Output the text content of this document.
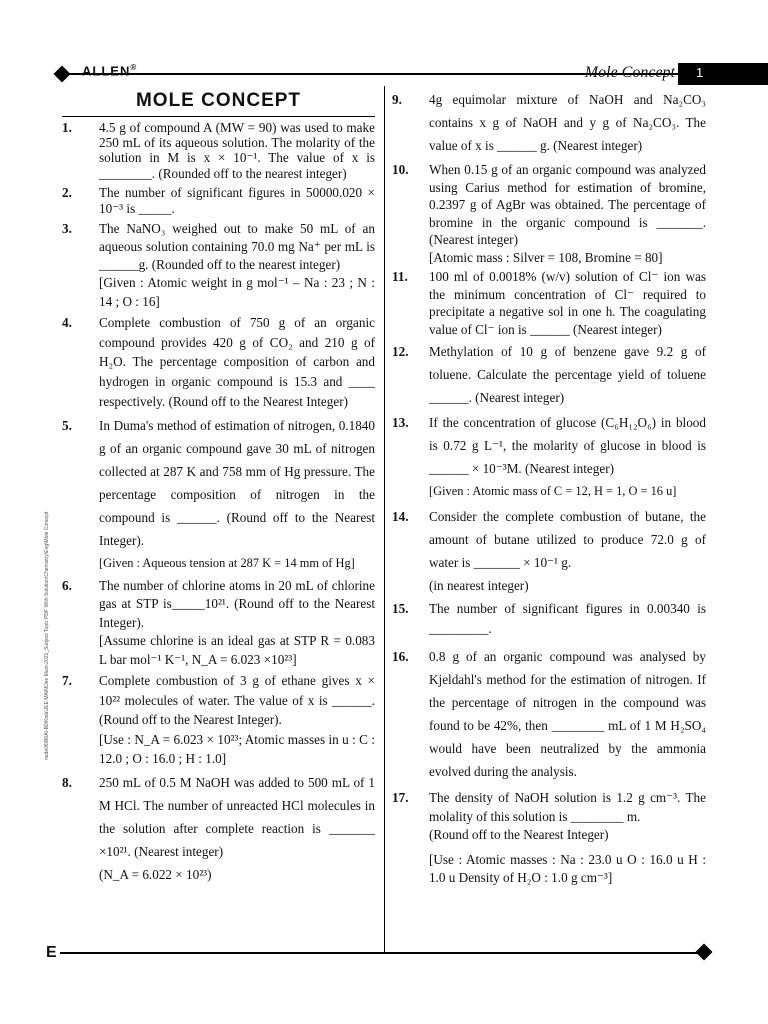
ALLEN®	Mole Concept 1
MOLE CONCEPT
1. 4.5 g of compound A (MW = 90) was used to make 250 mL of its aqueous solution. The molarity of the solution in M is x × 10⁻¹. The value of x is ________. (Rounded off to the nearest integer)

2. The number of significant figures in 50000.020 × 10⁻³ is _____.

3. The NaNO₃ weighed out to make 50 mL of an aqueous solution containing 70.0 mg Na⁺ per mL is ______g. (Rounded off to the nearest integer)

[Given : Atomic weight in g mol⁻¹ – Na : 23 ; N : 14 ; O : 16]

4. Complete combustion of 750 g of an organic compound provides 420 g of CO₂ and 210 g of H₂O. The percentage composition of carbon and hydrogen in organic compound is 15.3 and ____ respectively. (Round off to the Nearest Integer)

5. In Duma's method of estimation of nitrogen, 0.1840 g of an organic compound gave 30 mL of nitrogen collected at 287 K and 758 mm of Hg pressure. The percentage composition of nitrogen in the compound is ______. (Round off to the Nearest Integer).

[Given : Aqueous tension at 287 K = 14 mm of Hg]

6. The number of chlorine atoms in 20 mL of chlorine gas at STP is_____10²¹. (Round off to the Nearest Integer).

[Assume chlorine is an ideal gas at STP R = 0.083 L bar mol⁻¹ K⁻¹, N_A = 6.023 ×10²³]

7. Complete combustion of 3 g of ethane gives x × 10²² molecules of water. The value of x is ______. (Round off to the Nearest Integer).

[Use : N_A = 6.023 × 10²³; Atomic masses in u : C : 12.0 ; O : 16.0 ; H : 1.0]

8. 250 mL of 0.5 M NaOH was added to 500 mL of 1 M HCl. The number of unreacted HCl molecules in the solution after complete reaction is _______ ×10²¹. (Nearest integer)

(N_A = 6.022 × 10²³)

9. 4g equimolar mixture of NaOH and Na₂CO₃ contains x g of NaOH and y g of Na₂CO₃. The value of x is ______ g. (Nearest integer)

10. When 0.15 g of an organic compound was analyzed using Carius method for estimation of bromine, 0.2397 g of AgBr was obtained. The percentage of bromine in the organic compound is _______. (Nearest integer)

[Atomic mass : Silver = 108, Bromine = 80]

11. 100 ml of 0.0018% (w/v) solution of Cl⁻ ion was the minimum concentration of Cl⁻ required to precipitate a negative sol in one h. The coagulating value of Cl⁻ ion is ______ (Nearest integer)

12. Methylation of 10 g of benzene gave 9.2 g of toluene. Calculate the percentage yield of toluene ______. (Nearest integer)

13. If the concentration of glucose (C₆H₁₂O₆) in blood is 0.72 g L⁻¹, the molarity of glucose in blood is ______ × 10⁻³M. (Nearest integer)

[Given : Atomic mass of C = 12, H = 1, O = 16 u]

14. Consider the complete combustion of butane, the amount of butane utilized to produce 72.0 g of water is _______ × 10⁻¹ g.

(in nearest integer)

15. The number of significant figures in 0.00340 is _________.

16. 0.8 g of an organic compound was analysed by Kjeldahl's method for the estimation of nitrogen. If the percentage of nitrogen in the compound was found to be 42%, then ________ mL of 1 M H₂SO₄ would have been neutralized by the ammonia evolved during the analysis.

17. The density of NaOH solution is 1.2 g cm⁻³. The molality of this solution is ________ m.

(Round off to the Nearest Integer)

[Use : Atomic masses : Na : 23.0 u O : 16.0 u H : 1.0 u Density of H₂O : 1.0 g cm⁻³]

node06\B0AI-B0\Kota\JEE MAIN\Jee Main-2021_Subject Topic PDF With Solution\Chemistry\Eng\Mole Concept
E
